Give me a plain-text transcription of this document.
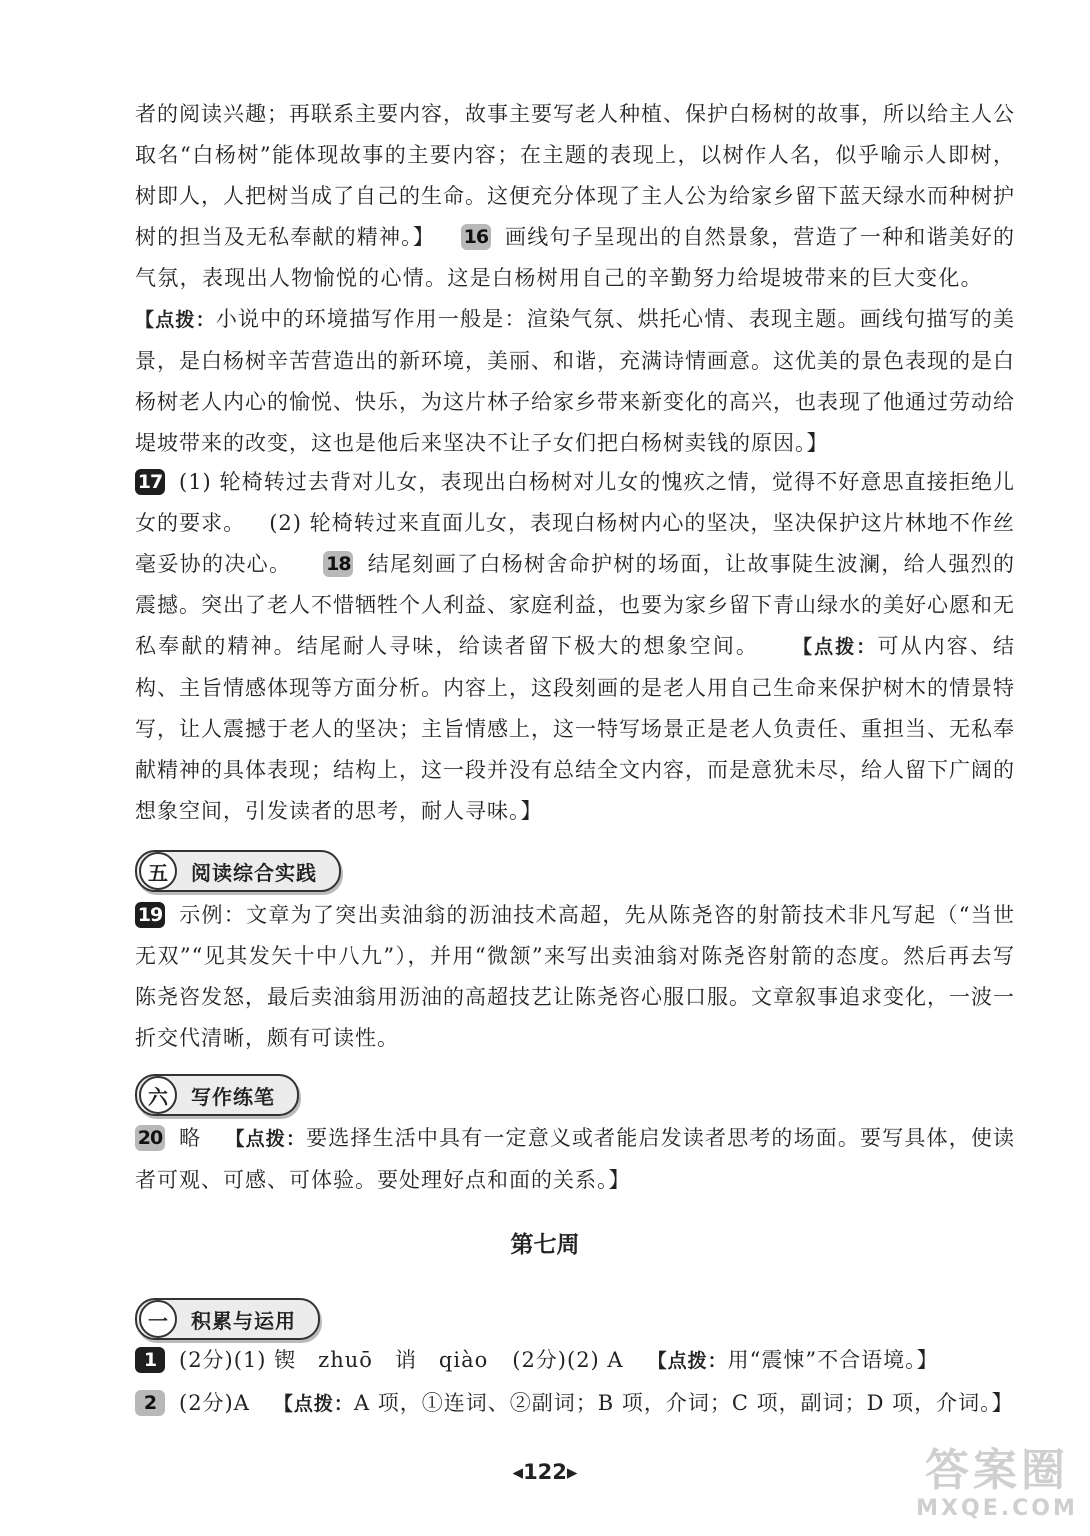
者的阅读兴趣；再联系主要内容，故事主要写老人种植、保护白杨树的故事，所以给主人公取名“白杨树”能体现故事的主要内容；在主题的表现上，以树作人名，似乎喻示人即树，树即人，人把树当成了自己的生命。这便充分体现了主人公为给家乡留下蓝天绿水而种树护树的担当及无私奉献的精神。】 16 画线句子呈现出的自然景象，营造了一种和谐美好的气氛，表现出人物愉悦的心情。这是白杨树用自己的辛勤努力给堤坡带来的巨大变化。 【点拨：小说中的环境描写作用一般是：渲染气氛、烘托心情、表现主题。画线句描写的美景，是白杨树辛苦营造出的新环境，美丽、和谐，充满诗情画意。这优美的景色表现的是白杨树老人内心的愉悦、快乐，为这片林子给家乡带来新变化的高兴，也表现了他通过劳动给堤坡带来的改变，这也是他后来坚决不让子女们把白杨树卖钱的原因。】
17 (1) 轮椅转过去背对儿女，表现出白杨树对儿女的愧疚之情，觉得不好意思直接拒绝儿女的要求。 (2) 轮椅转过来直面儿女，表现白杨树内心的坚决，坚决保护这片林地不作丝毫妥协的决心。 18 结尾刻画了白杨树舍命护树的场面，让故事陡生波澜，给人强烈的震撼。突出了老人不惜牺牲个人利益、家庭利益，也要为家乡留下青山绿水的美好心愿和无私奉献的精神。结尾耐人寻味，给读者留下极大的想象空间。 【点拨：可从内容、结构、主旨情感体现等方面分析。内容上，这段刻画的是老人用自己生命来保护树木的情景特写，让人震撼于老人的坚决；主旨情感上，这一特写场景正是老人负责任、重担当、无私奉献精神的具体表现；结构上，这一段并没有总结全文内容，而是意犹未尽，给人留下广阔的想象空间，引发读者的思考，耐人寻味。】
五	阅读综合实践
19 示例：文章为了突出卖油翁的沥油技术高超，先从陈尧咨的射箭技术非凡写起（“当世无双”“见其发矢十中八九”），并用“微颔”来写出卖油翁对陈尧咨射箭的态度。然后再去写陈尧咨发怒，最后卖油翁用沥油的高超技艺让陈尧咨心服口服。文章叙事追求变化，一波一折交代清晰，颇有可读性。
六	写作练笔
20 略 【点拨：要选择生活中具有一定意义或者能启发读者思考的场面。要写具体，使读者可观、可感、可体验。要处理好点和面的关系。】
第七周
一	积累与运用
1 (2分)(1) 锲　zhuō　诮　qiào (2分)(2) A 【点拨：用“震悚”不合语境。】
2 (2分)A 【点拨：A 项，①连词、②副词；B 项，介词；C 项，副词；D 项，介词。】
◂122▸	答案圈
MXQE.COM
